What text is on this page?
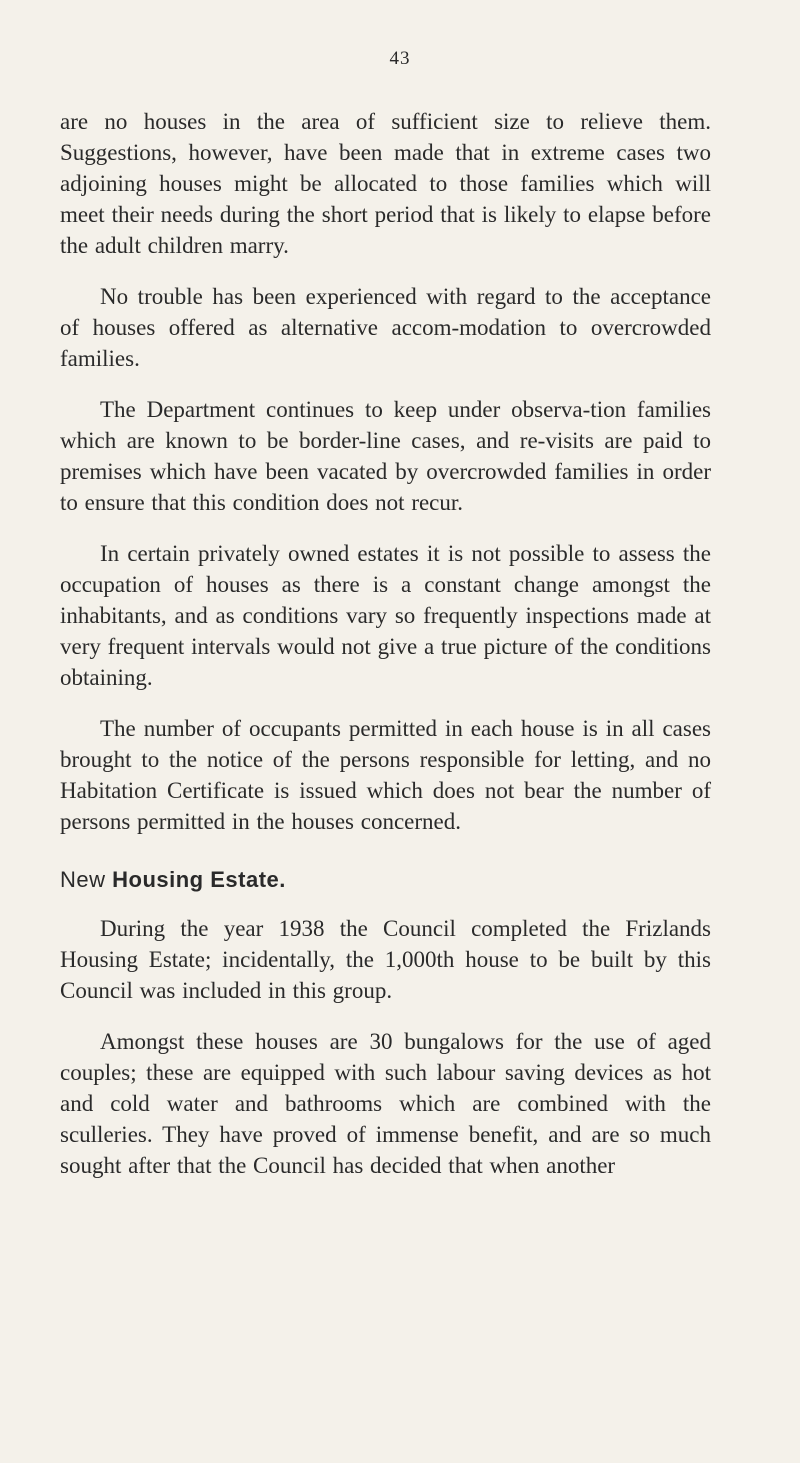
43

are no houses in the area of sufficient size to relieve them. Suggestions, however, have been made that in extreme cases two adjoining houses might be allocated to those families which will meet their needs during the short period that is likely to elapse before the adult children marry.

No trouble has been experienced with regard to the acceptance of houses offered as alternative accom-modation to overcrowded families.

The Department continues to keep under observa-tion families which are known to be border-line cases, and re-visits are paid to premises which have been vacated by overcrowded families in order to ensure that this condition does not recur.

In certain privately owned estates it is not possible to assess the occupation of houses as there is a constant change amongst the inhabitants, and as conditions vary so frequently inspections made at very frequent intervals would not give a true picture of the conditions obtaining.

The number of occupants permitted in each house is in all cases brought to the notice of the persons responsible for letting, and no Habitation Certificate is issued which does not bear the number of persons permitted in the houses concerned.

New Housing Estate.

During the year 1938 the Council completed the Frizlands Housing Estate; incidentally, the 1,000th house to be built by this Council was included in this group.

Amongst these houses are 30 bungalows for the use of aged couples; these are equipped with such labour saving devices as hot and cold water and bathrooms which are combined with the sculleries. They have proved of immense benefit, and are so much sought after that the Council has decided that when another
